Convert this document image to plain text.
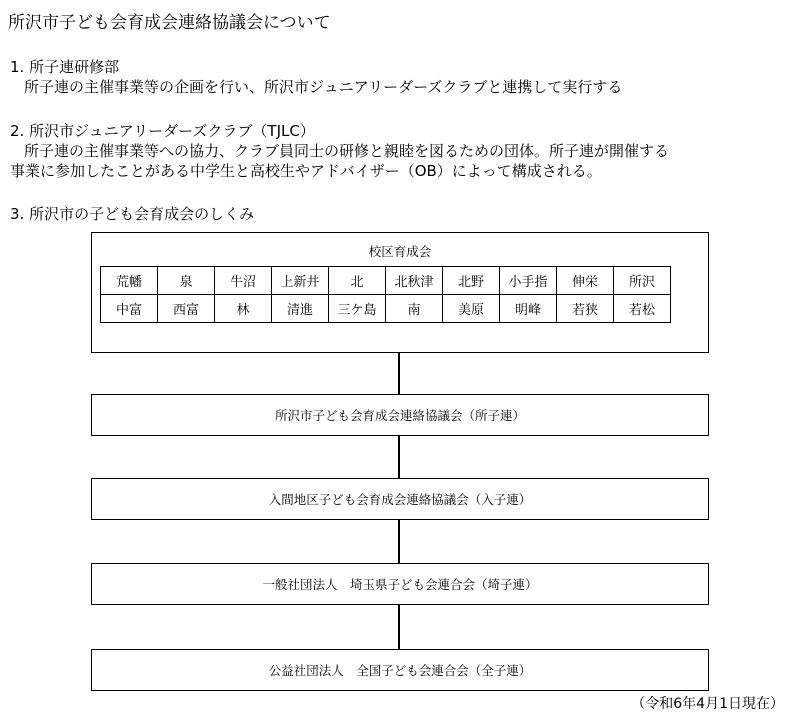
所沢市子ども会育成会連絡協議会について
1. 所子連研修部
所子連の主催事業等の企画を行い、所沢市ジュニアリーダーズクラブと連携して実行する
2. 所沢市ジュニアリーダーズクラブ（TJLC）
所子連の主催事業等への協力、クラブ員同士の研修と親睦を図るための団体。所子連が開催する
事業に参加したことがある中学生と高校生やアドバイザー（OB）によって構成される。
3. 所沢市の子ども会育成会のしくみ
校区育成会
荒幡	泉	牛沼	上新井	北	北秋津	北野	小手指	伸栄	所沢
中富	西富	林	清進	三ケ島	南	美原	明峰	若狭	若松
所沢市子ども会育成会連絡協議会（所子連）
入間地区子ども会育成会連絡協議会（入子連）
一般社団法人　埼玉県子ども会連合会（埼子連）
公益社団法人　全国子ども会連合会（全子連）
（令和6年4月1日現在）
